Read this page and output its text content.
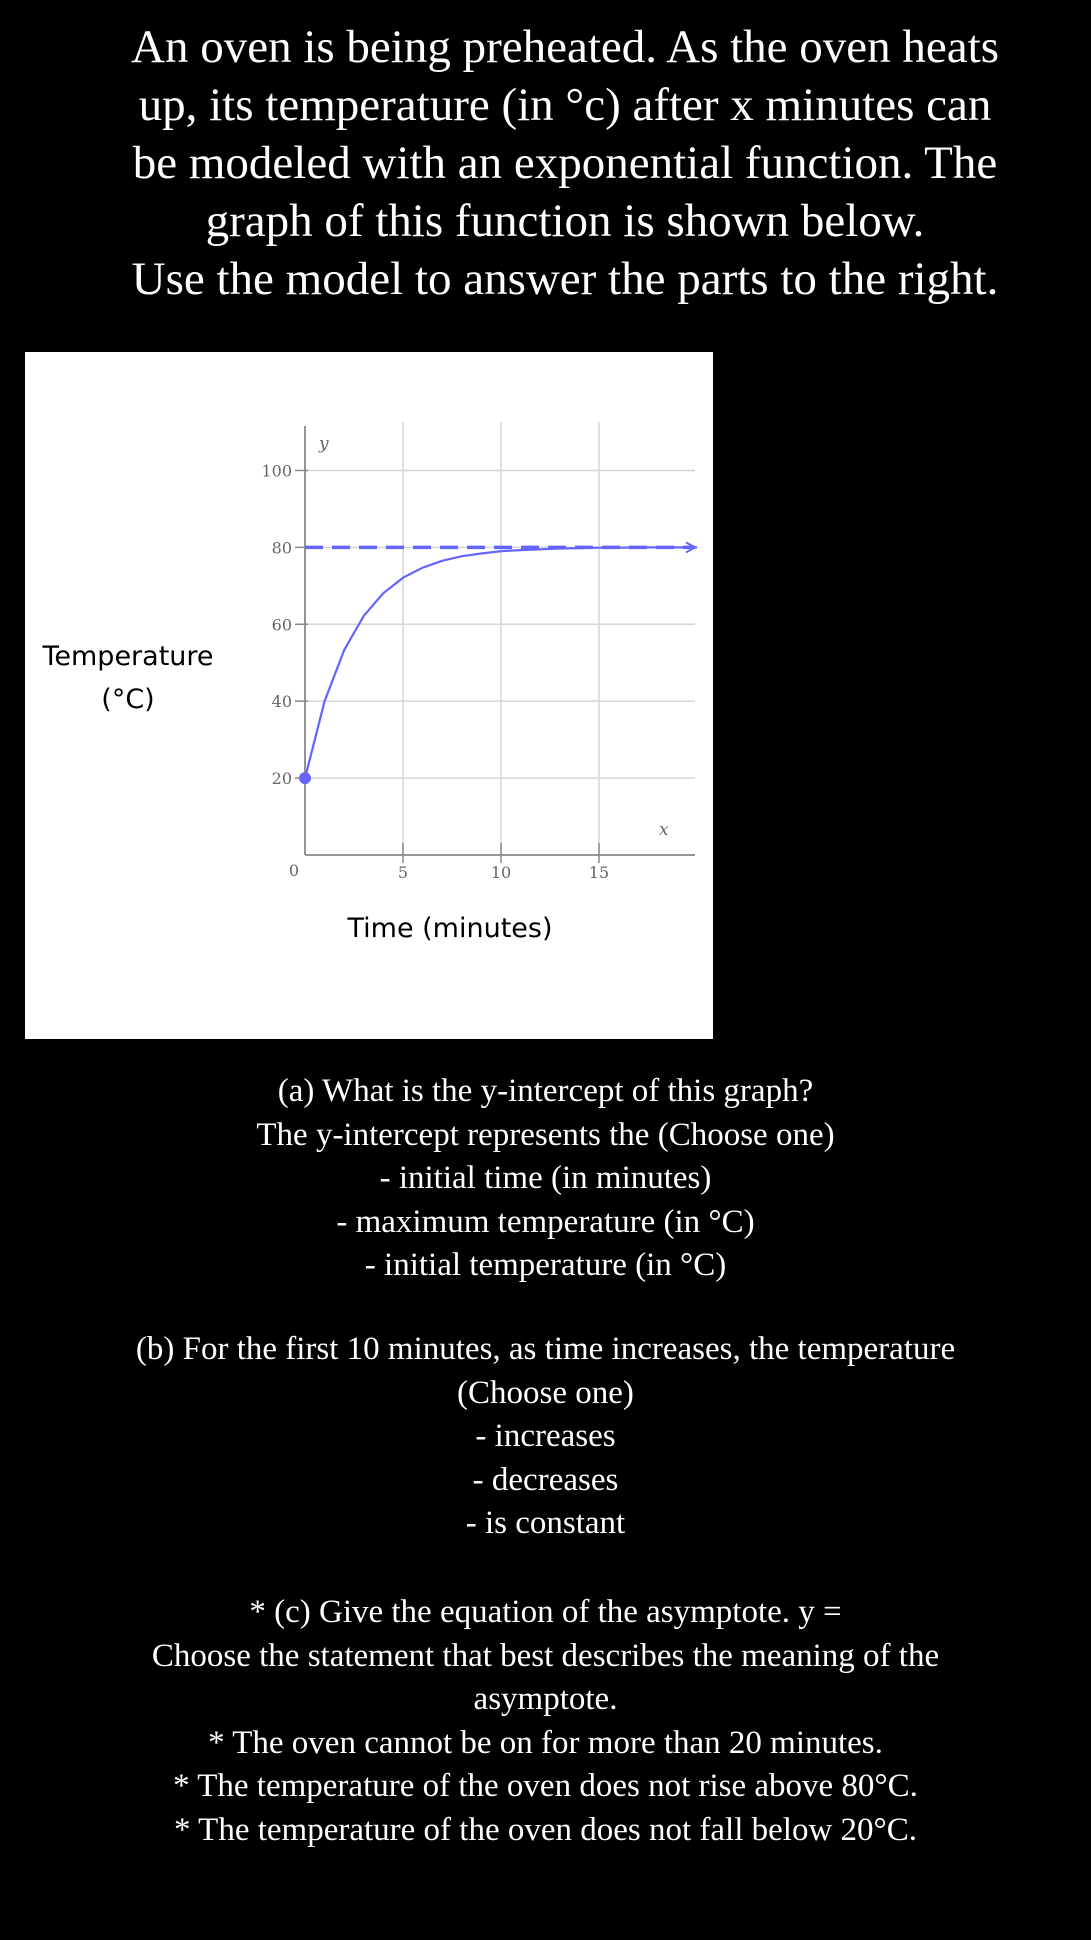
An oven is being preheated. As the oven heats
up, its temperature (in °c) after x minutes can
be modeled with an exponential function. The
graph of this function is shown below.
Use the model to answer the parts to the right.
20
40
60
80
100
5	10	15
0
y
x
Temperature (°C)
Time (minutes)
(a) What is the y-intercept of this graph?
The y-intercept represents the (Choose one)
- initial time (in minutes)
- maximum temperature (in °C)
- initial temperature (in °C)
(b) For the first 10 minutes, as time increases, the temperature
(Choose one)
- increases
- decreases
- is constant
* (c) Give the equation of the asymptote. y =
Choose the statement that best describes the meaning of the
asymptote.
* The oven cannot be on for more than 20 minutes.
* The temperature of the oven does not rise above 80°C.
* The temperature of the oven does not fall below 20°C.
